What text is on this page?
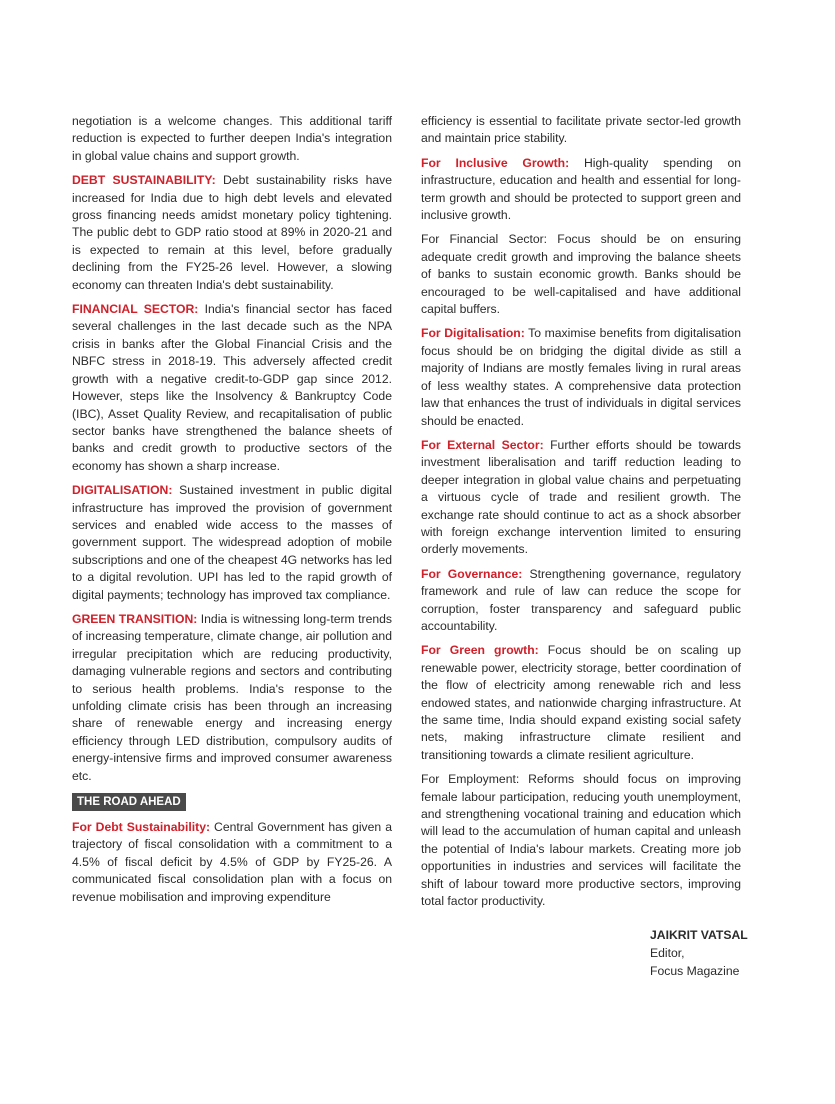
negotiation is a welcome changes. This additional tariff reduction is expected to further deepen India's integration in global value chains and support growth.

DEBT SUSTAINABILITY: Debt sustainability risks have increased for India due to high debt levels and elevated gross financing needs amidst monetary policy tightening. The public debt to GDP ratio stood at 89% in 2020-21 and is expected to remain at this level, before gradually declining from the FY25-26 level. However, a slowing economy can threaten India's debt sustainability.

FINANCIAL SECTOR: India's financial sector has faced several challenges in the last decade such as the NPA crisis in banks after the Global Financial Crisis and the NBFC stress in 2018-19. This adversely affected credit growth with a negative credit-to-GDP gap since 2012. However, steps like the Insolvency & Bankruptcy Code (IBC), Asset Quality Review, and recapitalisation of public sector banks have strengthened the balance sheets of banks and credit growth to productive sectors of the economy has shown a sharp increase.

DIGITALISATION: Sustained investment in public digital infrastructure has improved the provision of government services and enabled wide access to the masses of government support. The widespread adoption of mobile subscriptions and one of the cheapest 4G networks has led to a digital revolution. UPI has led to the rapid growth of digital payments; technology has improved tax compliance.

GREEN TRANSITION: India is witnessing long-term trends of increasing temperature, climate change, air pollution and irregular precipitation which are reducing productivity, damaging vulnerable regions and sectors and contributing to serious health problems. India's response to the unfolding climate crisis has been through an increasing share of renewable energy and increasing energy efficiency through LED distribution, compulsory audits of energy-intensive firms and improved consumer awareness etc.

THE ROAD AHEAD

For Debt Sustainability: Central Government has given a trajectory of fiscal consolidation with a commitment to a 4.5% of fiscal deficit by 4.5% of GDP by FY25-26. A communicated fiscal consolidation plan with a focus on revenue mobilisation and improving expenditure

efficiency is essential to facilitate private sector-led growth and maintain price stability.

For Inclusive Growth: High-quality spending on infrastructure, education and health and essential for long-term growth and should be protected to support green and inclusive growth.

For Financial Sector: Focus should be on ensuring adequate credit growth and improving the balance sheets of banks to sustain economic growth. Banks should be encouraged to be well-capitalised and have additional capital buffers.

For Digitalisation: To maximise benefits from digitalisation focus should be on bridging the digital divide as still a majority of Indians are mostly females living in rural areas of less wealthy states. A comprehensive data protection law that enhances the trust of individuals in digital services should be enacted.

For External Sector: Further efforts should be towards investment liberalisation and tariff reduction leading to deeper integration in global value chains and perpetuating a virtuous cycle of trade and resilient growth. The exchange rate should continue to act as a shock absorber with foreign exchange intervention limited to ensuring orderly movements.

For Governance: Strengthening governance, regulatory framework and rule of law can reduce the scope for corruption, foster transparency and safeguard public accountability.

For Green growth: Focus should be on scaling up renewable power, electricity storage, better coordination of the flow of electricity among renewable rich and less endowed states, and nationwide charging infrastructure. At the same time, India should expand existing social safety nets, making infrastructure climate resilient and transitioning towards a climate resilient agriculture.

For Employment: Reforms should focus on improving female labour participation, reducing youth unemployment, and strengthening vocational training and education which will lead to the accumulation of human capital and unleash the potential of India's labour markets. Creating more job opportunities in industries and services will facilitate the shift of labour toward more productive sectors, improving total factor productivity.

JAIKRIT VATSAL
Editor,
Focus Magazine
